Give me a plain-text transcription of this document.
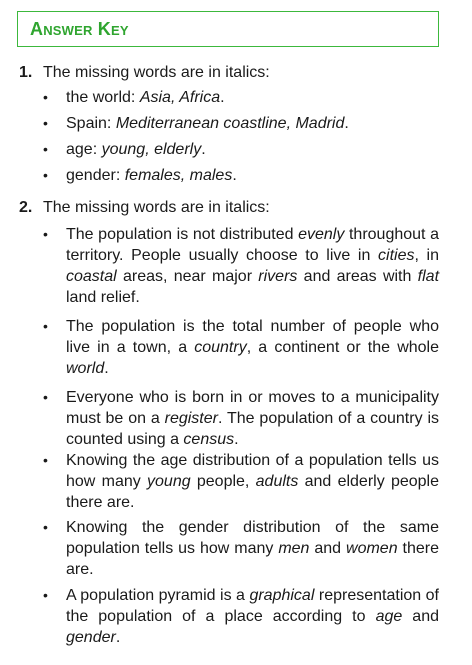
Answer Key
1. The missing words are in italics:
• the world: Asia, Africa.
• Spain: Mediterranean coastline, Madrid.
• age: young, elderly.
• gender: females, males.
2. The missing words are in italics:
• The population is not distributed evenly throughout a territory. People usually choose to live in cities, in coastal areas, near major rivers and areas with flat land relief.
• The population is the total number of people who live in a town, a country, a continent or the whole world.
• Everyone who is born in or moves to a municipality must be on a register. The population of a country is counted using a census.
• Knowing the age distribution of a population tells us how many young people, adults and elderly people there are.
• Knowing the gender distribution of the same population tells us how many men and women there are.
• A population pyramid is a graphical representation of the population of a place according to age and gender.
